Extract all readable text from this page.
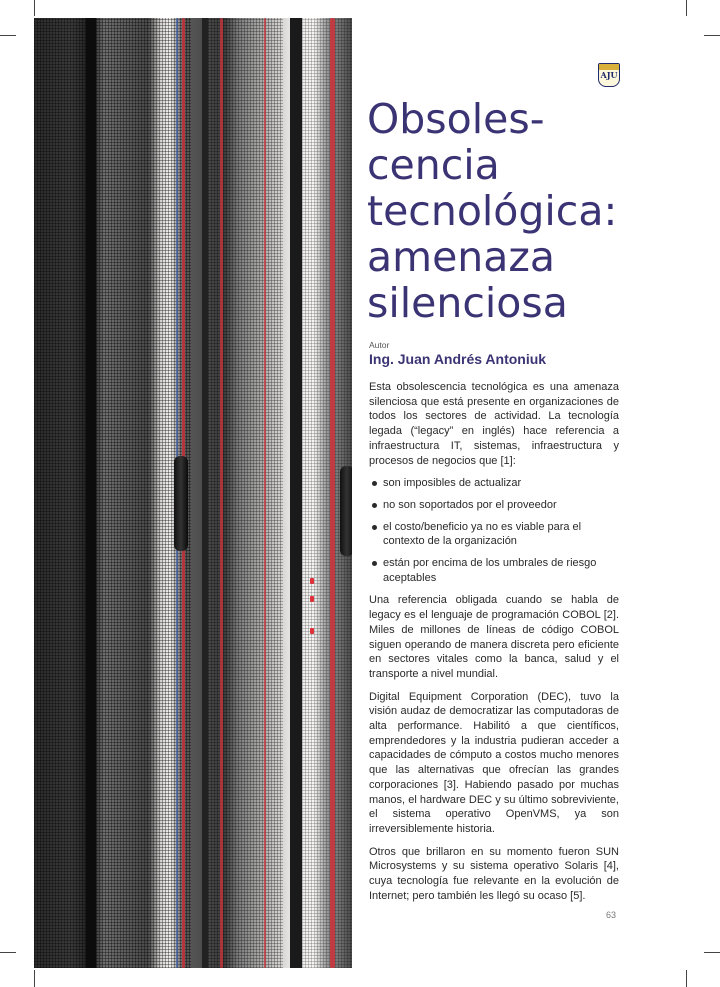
AJU
Obsoles-
cencia
tecnológica:
amenaza
silenciosa
Autor
Ing. Juan Andrés Antoniuk

Esta obsolescencia tecnológica es una amenaza silenciosa que está presente en organizaciones de todos los sectores de actividad. La tecnología legada (“legacy” en inglés) hace referencia a infraestructura IT, sistemas, infraestructura y procesos de negocios que [1]:

son imposibles de actualizar
no son soportados por el proveedor
el costo/beneficio ya no es viable para el contexto de la organización
están por encima de los umbrales de riesgo aceptables

Una referencia obligada cuando se habla de legacy es el lenguaje de programación COBOL [2]. Miles de millones de líneas de código COBOL siguen operando de manera discreta pero eficiente en sectores vitales como la banca, salud y el transporte a nivel mundial.

Digital Equipment Corporation (DEC), tuvo la visión audaz de democratizar las computadoras de alta performance. Habilitó a que científicos, emprendedores y la industria pudieran acceder a capacidades de cómputo a costos mucho menores que las alternativas que ofrecían las grandes corporaciones [3]. Habiendo pasado por muchas manos, el hardware DEC y su último sobreviviente, el sistema operativo OpenVMS, ya son irreversiblemente historia.

Otros que brillaron en su momento fueron SUN Microsystems y su sistema operativo Solaris [4], cuya tecnología fue relevante en la evolución de Internet; pero también les llegó su ocaso [5].

63
